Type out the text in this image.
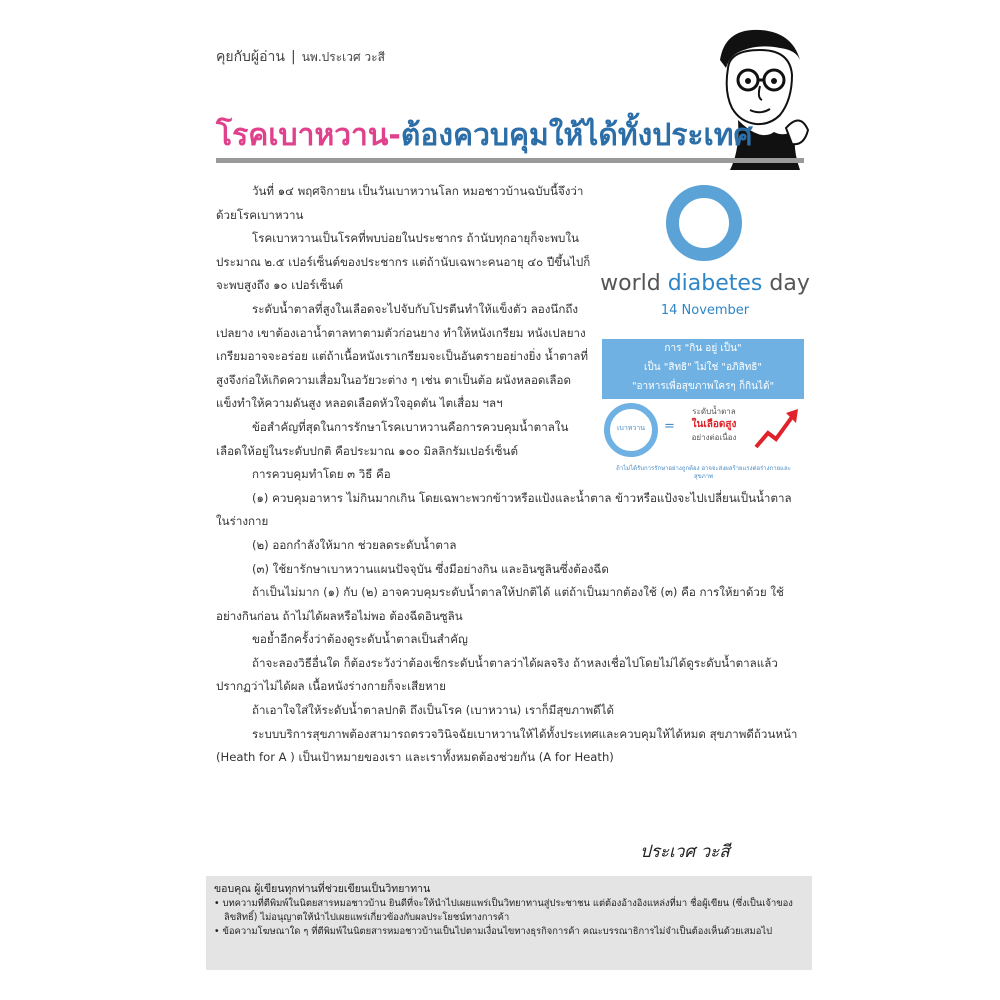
คุยกับผู้อ่าน | นพ.ประเวศ วะสี
โรคเบาหวาน-ต้องควบคุมให้ได้ทั้งประเทศ

วันที่ ๑๔ พฤศจิกายน เป็นวันเบาหวานโลก หมอชาวบ้านฉบับนี้จึงว่าด้วยโรคเบาหวาน

โรคเบาหวานเป็นโรคที่พบบ่อยในประชากร ถ้านับทุกอายุก็จะพบในประมาณ ๒.๕ เปอร์เซ็นต์ของประชากร แต่ถ้านับเฉพาะคนอายุ ๔๐ ปีขึ้นไปก็จะพบสูงถึง ๑๐ เปอร์เซ็นต์

ระดับน้ำตาลที่สูงในเลือดจะไปจับกับโปรตีนทำให้แข็งตัว ลองนึกถึงเปลยาง เขาต้องเอาน้ำตาลทาตามตัวก่อนยาง ทำให้หนังเกรียม หนังเปลยางเกรียมอาจจะอร่อย แต่ถ้าเนื้อหนังเราเกรียมจะเป็นอันตรายอย่างยิ่ง น้ำตาลที่สูงจึงก่อให้เกิดความเสื่อมในอวัยวะต่าง ๆ เช่น ตาเป็นต้อ ผนังหลอดเลือดแข็งทำให้ความดันสูง หลอดเลือดหัวใจอุดตัน ไตเสื่อม ฯลฯ

ข้อสำคัญที่สุดในการรักษาโรคเบาหวานคือการควบคุมน้ำตาลในเลือดให้อยู่ในระดับปกติ คือประมาณ ๑๐๐ มิลลิกรัมเปอร์เซ็นต์

การควบคุมทำโดย ๓ วิธี คือ

(๑) ควบคุมอาหาร ไม่กินมากเกิน โดยเฉพาะพวกข้าวหรือแป้งและน้ำตาล ข้าวหรือแป้งจะไปเปลี่ยนเป็นน้ำตาลในร่างกาย

(๒) ออกกำลังให้มาก ช่วยลดระดับน้ำตาล

(๓) ใช้ยารักษาเบาหวานแผนปัจจุบัน ซึ่งมีอย่างกิน และอินซูลินซึ่งต้องฉีด

ถ้าเป็นไม่มาก (๑) กับ (๒) อาจควบคุมระดับน้ำตาลให้ปกติได้ แต่ถ้าเป็นมากต้องใช้ (๓) คือ การให้ยาด้วย ใช้อย่างกินก่อน ถ้าไม่ได้ผลหรือไม่พอ ต้องฉีดอินซูลิน

ขอย้ำอีกครั้งว่าต้องดูระดับน้ำตาลเป็นสำคัญ

ถ้าจะลองวิธีอื่นใด ก็ต้องระวังว่าต้องเช็กระดับน้ำตาลว่าได้ผลจริง ถ้าหลงเชื่อไปโดยไม่ได้ดูระดับน้ำตาลแล้วปรากฏว่าไม่ได้ผล เนื้อหนังร่างกายก็จะเสียหาย

ถ้าเอาใจใส่ให้ระดับน้ำตาลปกติ ถึงเป็นโรค (เบาหวาน) เราก็มีสุขภาพดีได้

ระบบบริการสุขภาพต้องสามารถตรวจวินิจฉัยเบาหวานให้ได้ทั้งประเทศและควบคุมให้ได้หมด สุขภาพดีถ้วนหน้า (Heath for A ) เป็นเป้าหมายของเรา และเราทั้งหมดต้องช่วยกัน (A for Heath)

world diabetes day
14 November
การ "กิน อยู่ เป็น"
เป็น "สิทธิ" ไม่ใช่ "อภิสิทธิ"
"อาหารเพื่อสุขภาพใครๆ ก็กินได้"
เบาหวาน	=
ระดับน้ำตาล
ในเลือดสูง
อย่างต่อเนื่อง
ถ้าไม่ได้รับการรักษาอย่างถูกต้อง อาจจะส่งผลร้ายแรงต่อร่างกายและสุขภาพ
ประเวศ วะสี
ขอบคุณ ผู้เขียนทุกท่านที่ช่วยเขียนเป็นวิทยาทาน
• บทความที่ตีพิมพ์ในนิตยสารหมอชาวบ้าน ยินดีที่จะให้นำไปเผยแพร่เป็นวิทยาทานสู่ประชาชน แต่ต้องอ้างอิงแหล่งที่มา ชื่อผู้เขียน (ซึ่งเป็นเจ้าของลิขสิทธิ์) ไม่อนุญาตให้นำไปเผยแพร่เกี่ยวข้องกับผลประโยชน์ทางการค้า
• ข้อความโฆษณาใด ๆ ที่ตีพิมพ์ในนิตยสารหมอชาวบ้านเป็นไปตามเงื่อนไขทางธุรกิจการค้า คณะบรรณาธิการไม่จำเป็นต้องเห็นด้วยเสมอไป
